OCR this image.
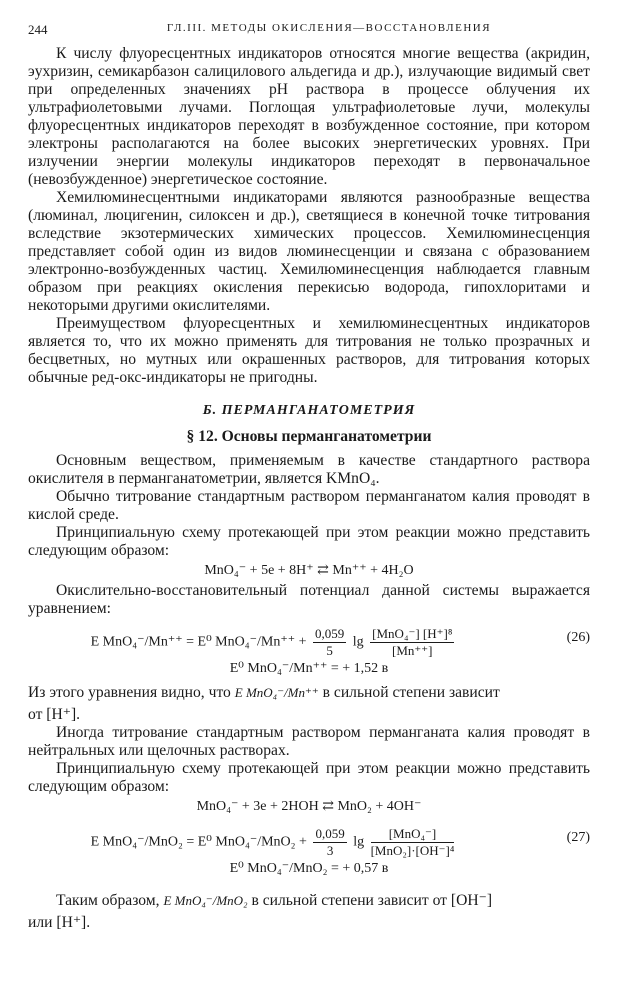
244	ГЛ.III. МЕТОДЫ ОКИСЛЕНИЯ—ВОССТАНОВЛЕНИЯ

К числу флуоресцентных индикаторов относятся многие вещества (акридин, эухризин, семикарбазон салицилового альдегида и др.), излучающие видимый свет при определенных значениях pH раствора в процессе облучения их ультрафиолетовыми лучами. Поглощая ультрафиолетовые лучи, молекулы флуоресцентных индикаторов переходят в возбужденное состояние, при котором электроны располагаются на более высоких энергетических уровнях. При излучении энергии молекулы индикаторов переходят в первоначальное (невозбужденное) энергетическое состояние.

Хемилюминесцентными индикаторами являются разнообразные вещества (люминал, люцигенин, силоксен и др.), светящиеся в конечной точке титрования вследствие экзотермических химических процессов. Хемилюминесценция представляет собой один из видов люминесценции и связана с образованием электронно-возбужденных частиц. Хемилюминесценция наблюдается главным образом при реакциях окисления перекисью водорода, гипохлоритами и некоторыми другими окислителями.

Преимуществом флуоресцентных и хемилюминесцентных индикаторов является то, что их можно применять для титрования не только прозрачных и бесцветных, но мутных или окрашенных растворов, для титрования которых обычные ред-окс-индикаторы не пригодны.

Б. ПЕРМАНГАНАТОМЕТРИЯ
§ 12. Основы перманганатометрии

Основным веществом, применяемым в качестве стандартного раствора окислителя в перманганатометрии, является KMnO₄.

Обычно титрование стандартным раствором перманганатом калия проводят в кислой среде.

Принципиальную схему протекающей при этом реакции можно представить следующим образом:

MnO₄⁻ + 5e + 8H⁺ ⇄ Mn⁺⁺ + 4H₂O

Окислительно-восстановительный потенциал данной системы выражается уравнением:

E MnO₄⁻/Mn⁺⁺ = E⁰ $MnO_4^-/Mn^{++} + \frac{0,059}{5}$ $\lg \frac{\text{[MnO₄⁻] [H⁺]⁸}}{[Mn^{++}]}$	(26)
E⁰ MnO₄⁻/Mn⁺⁺ = + 1,52 в
Из этого уравнения видно, что E MnO₄⁻/Mn⁺⁺ в сильной степени зависит

от [H⁺].

Иногда титрование стандартным раствором перманганата калия проводят в нейтральных или щелочных растворах.

Принципиальную схему протекающей при этом реакции можно представить следующим образом:

MnO₄⁻ + 3e + 2HOH ⇄ MnO₂ + 4OH⁻
E MnO₄⁻/MnO₂ = E⁰ $MnO_4^-/MnO_2 + \frac{0,059}{3}$ $\lg \frac{\text{[MnO₄⁻]}}{\text{[MnO₂]·[OH⁻]⁴}}$	(27)
E⁰ MnO₄⁻/MnO₂ = + 0,57 в
Таким образом, E MnO₄⁻/MnO₂ в сильной степени зависит от [OH⁻]

или [H⁺].
